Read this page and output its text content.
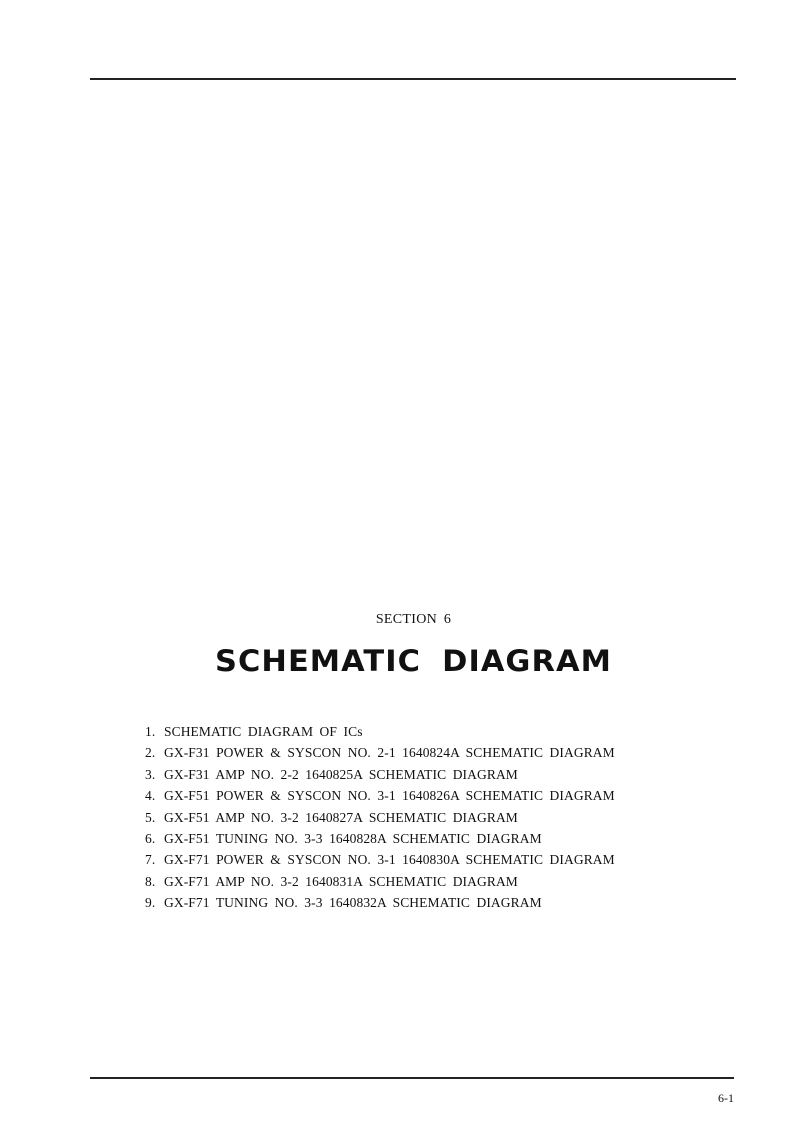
SECTION 6
SCHEMATIC DIAGRAM
1. SCHEMATIC DIAGRAM OF ICs
2. GX-F31 POWER & SYSCON NO. 2-1 1640824A SCHEMATIC DIAGRAM
3. GX-F31 AMP NO. 2-2 1640825A SCHEMATIC DIAGRAM
4. GX-F51 POWER & SYSCON NO. 3-1 1640826A SCHEMATIC DIAGRAM
5. GX-F51 AMP NO. 3-2 1640827A SCHEMATIC DIAGRAM
6. GX-F51 TUNING NO. 3-3 1640828A SCHEMATIC DIAGRAM
7. GX-F71 POWER & SYSCON NO. 3-1 1640830A SCHEMATIC DIAGRAM
8. GX-F71 AMP NO. 3-2 1640831A SCHEMATIC DIAGRAM
9. GX-F71 TUNING NO. 3-3 1640832A SCHEMATIC DIAGRAM
6-1
